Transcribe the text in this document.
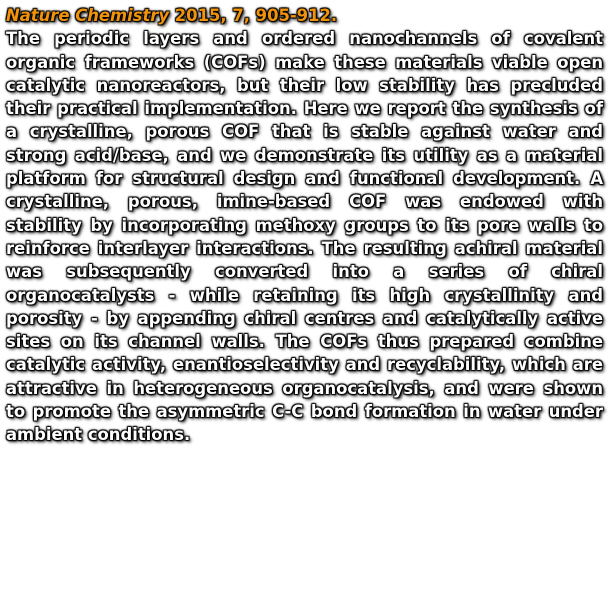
Nature Chemistry 2015, 7, 905-912.

The periodic layers and ordered nanochannels of covalent organic frameworks (COFs) make these materials viable open catalytic nanoreactors, but their low stability has precluded their practical implementation. Here we report the synthesis of a crystalline, porous COF that is stable against water and strong acid/base, and we demonstrate its utility as a material platform for structural design and functional development. A crystalline, porous, imine-based COF was endowed with stability by incorporating methoxy groups to its pore walls to reinforce interlayer interactions. The resulting achiral material was subsequently converted into a series of chiral organocatalysts - while retaining its high crystallinity and porosity - by appending chiral centres and catalytically active sites on its channel walls. The COFs thus prepared combine catalytic activity, enantioselectivity and recyclability, which are attractive in heterogeneous organocatalysis, and were shown to promote the asymmetric C-C bond formation in water under ambient conditions.
